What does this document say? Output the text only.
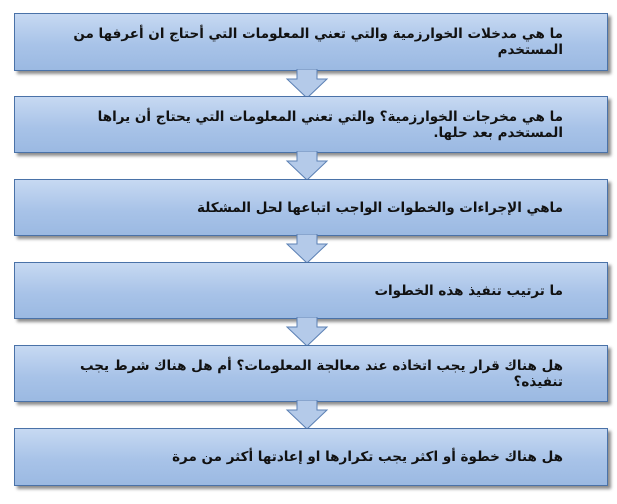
ما هي مدخلات الخوارزمية والتي تعني المعلومات التي أحتاج ان أعرفها من المستخدم
ما هي مخرجات الخوارزمية؟ والتي تعني المعلومات التي يحتاج أن يراها المستخدم بعد حلها.
ماهي الإجراءات والخطوات الواجب اتباعها لحل المشكلة
ما ترتيب تنفيذ هذه الخطوات
هل هناك قرار يجب اتخاذه عند معالجة المعلومات؟ أم هل هناك شرط يجب تنفيذه؟
هل هناك خطوة أو اكثر يجب تكرارها او إعادتها أكثر من مرة
